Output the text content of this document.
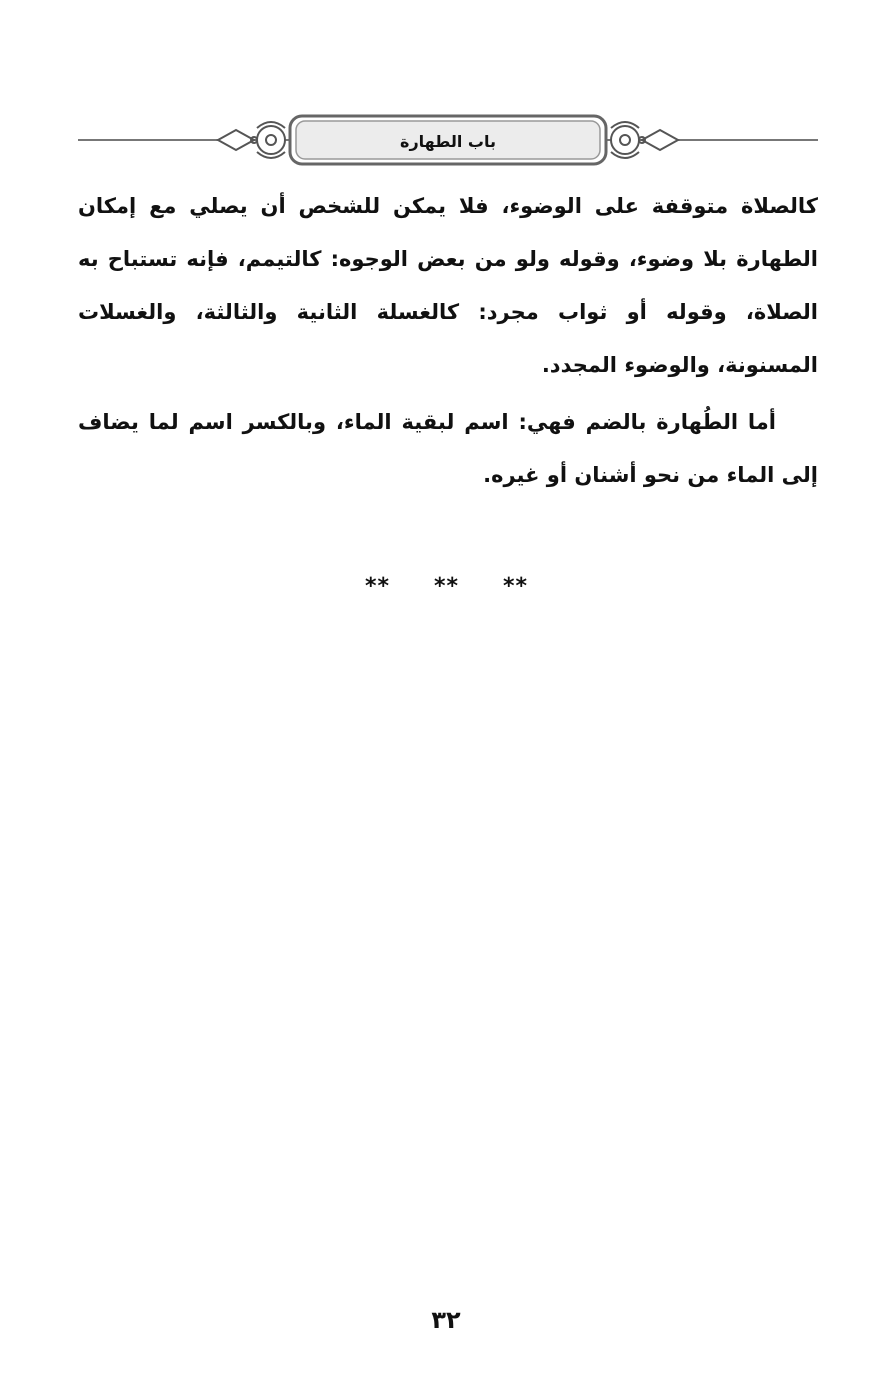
باب الطهارة

كالصلاة متوقفة على الوضوء، فلا يمكن للشخص أن يصلي مع إمكان الطهارة بلا وضوء، وقوله ولو من بعض الوجوه: كالتيمم، فإنه تستباح به الصلاة، وقوله أو ثواب مجرد: كالغسلة الثانية والثالثة، والغسلات المسنونة، والوضوء المجدد.

أما الطُهارة بالضم فهي: اسم لبقية الماء، وبالكسر اسم لما يضاف إلى الماء من نحو أشنان أو غيره.

** ** **
٣٢
